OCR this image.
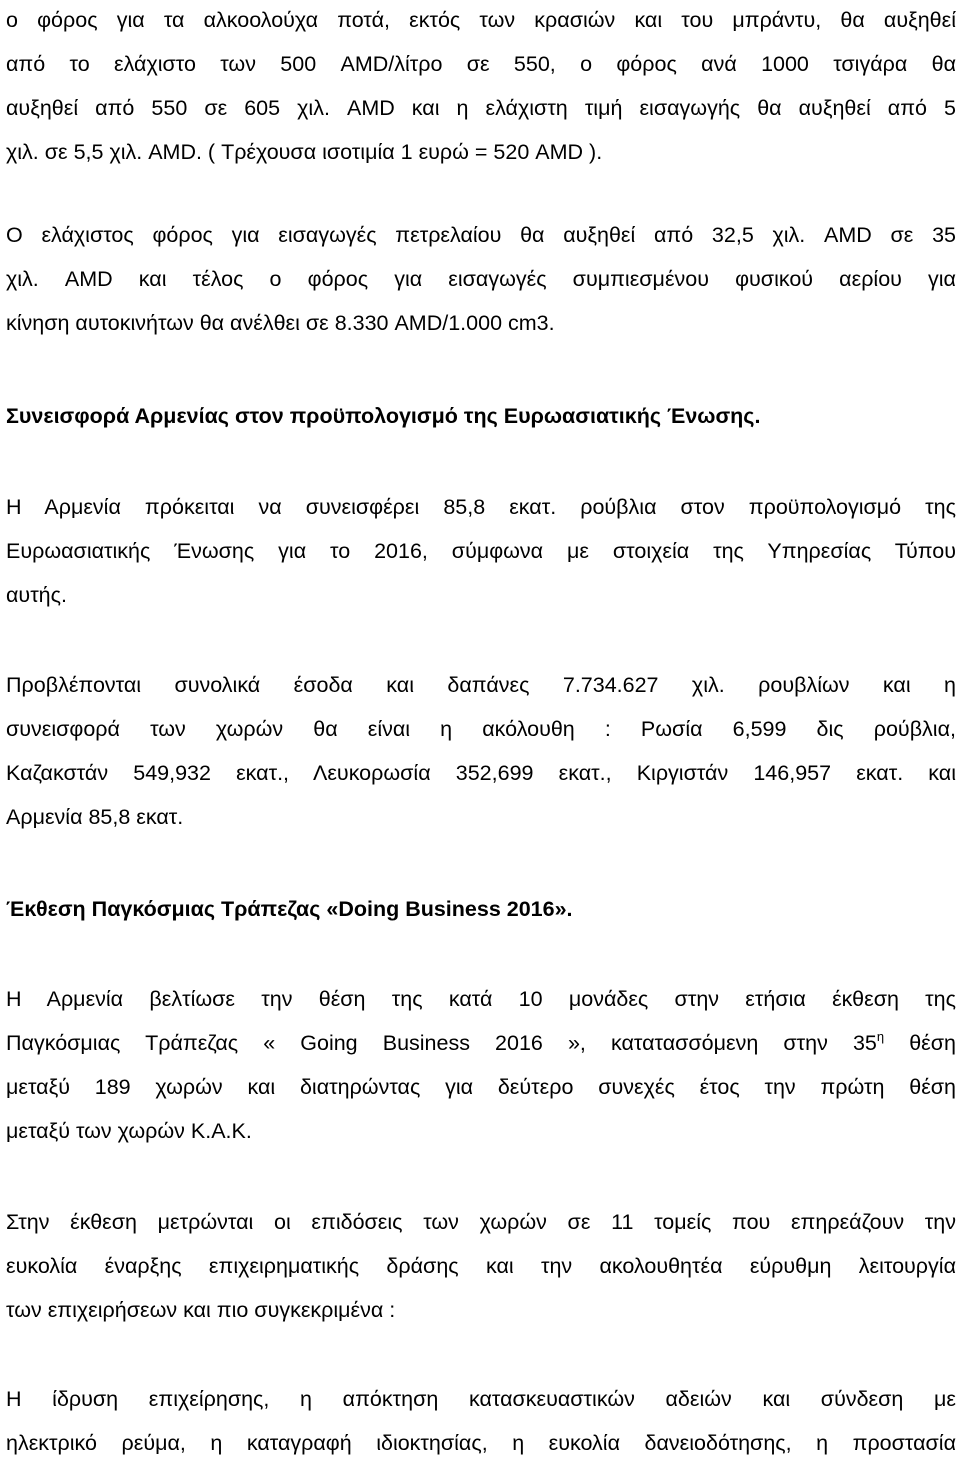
ο φόρος για τα αλκοολούχα ποτά, εκτός των κρασιών και του μπράντυ, θα αυξηθεί
από το ελάχιστο των 500 AMD/λίτρο σε 550, ο φόρος ανά 1000 τσιγάρα θα
αυξηθεί από 550 σε 605 χιλ. AMD και η ελάχιστη τιμή εισαγωγής θα αυξηθεί από 5
χιλ. σε 5,5 χιλ. AMD. ( Τρέχουσα ισοτιμία 1 ευρώ = 520 AMD ).
Ο ελάχιστος φόρος για εισαγωγές πετρελαίου θα αυξηθεί από 32,5 χιλ. AMD σε 35
χιλ. AMD και τέλος ο φόρος για εισαγωγές συμπιεσμένου φυσικού αερίου για
κίνηση αυτοκινήτων θα ανέλθει σε 8.330 AMD/1.000 cm3.
Συνεισφορά Αρμενίας στον προϋπολογισμό της Ευρωασιατικής Ένωσης.
Η Αρμενία πρόκειται να συνεισφέρει 85,8 εκατ. ρούβλια στον προϋπολογισμό της
Ευρωασιατικής Ένωσης για το 2016, σύμφωνα με στοιχεία της Υπηρεσίας Τύπου
αυτής.
Προβλέπονται συνολικά έσοδα και δαπάνες 7.734.627 χιλ. ρουβλίων και η
συνεισφορά των χωρών θα είναι η ακόλουθη : Ρωσία 6,599 δις ρούβλια,
Καζακστάν 549,932 εκατ., Λευκορωσία 352,699 εκατ., Κιργιστάν 146,957 εκατ. και
Αρμενία 85,8 εκατ.
Έκθεση Παγκόσμιας Τράπεζας «Doing Business 2016».
Η Αρμενία βελτίωσε την θέση της κατά 10 μονάδες στην ετήσια έκθεση της
Παγκόσμιας Τράπεζας « Going Business 2016 », κατατασσόμενη στην $35^\eta$ θέση
μεταξύ 189 χωρών και διατηρώντας για δεύτερο συνεχές έτος την πρώτη θέση
μεταξύ των χωρών Κ.Α.Κ.
Στην έκθεση μετρώνται οι επιδόσεις των χωρών σε 11 τομείς που επηρεάζουν την
ευκολία έναρξης επιχειρηματικής δράσης και την ακολουθητέα εύρυθμη λειτουργία
των επιχειρήσεων και πιο συγκεκριμένα :
Η ίδρυση επιχείρησης, η απόκτηση κατασκευαστικών αδειών και σύνδεση με
ηλεκτρικό ρεύμα, η καταγραφή ιδιοκτησίας, η ευκολία δανειοδότησης, η προστασία
